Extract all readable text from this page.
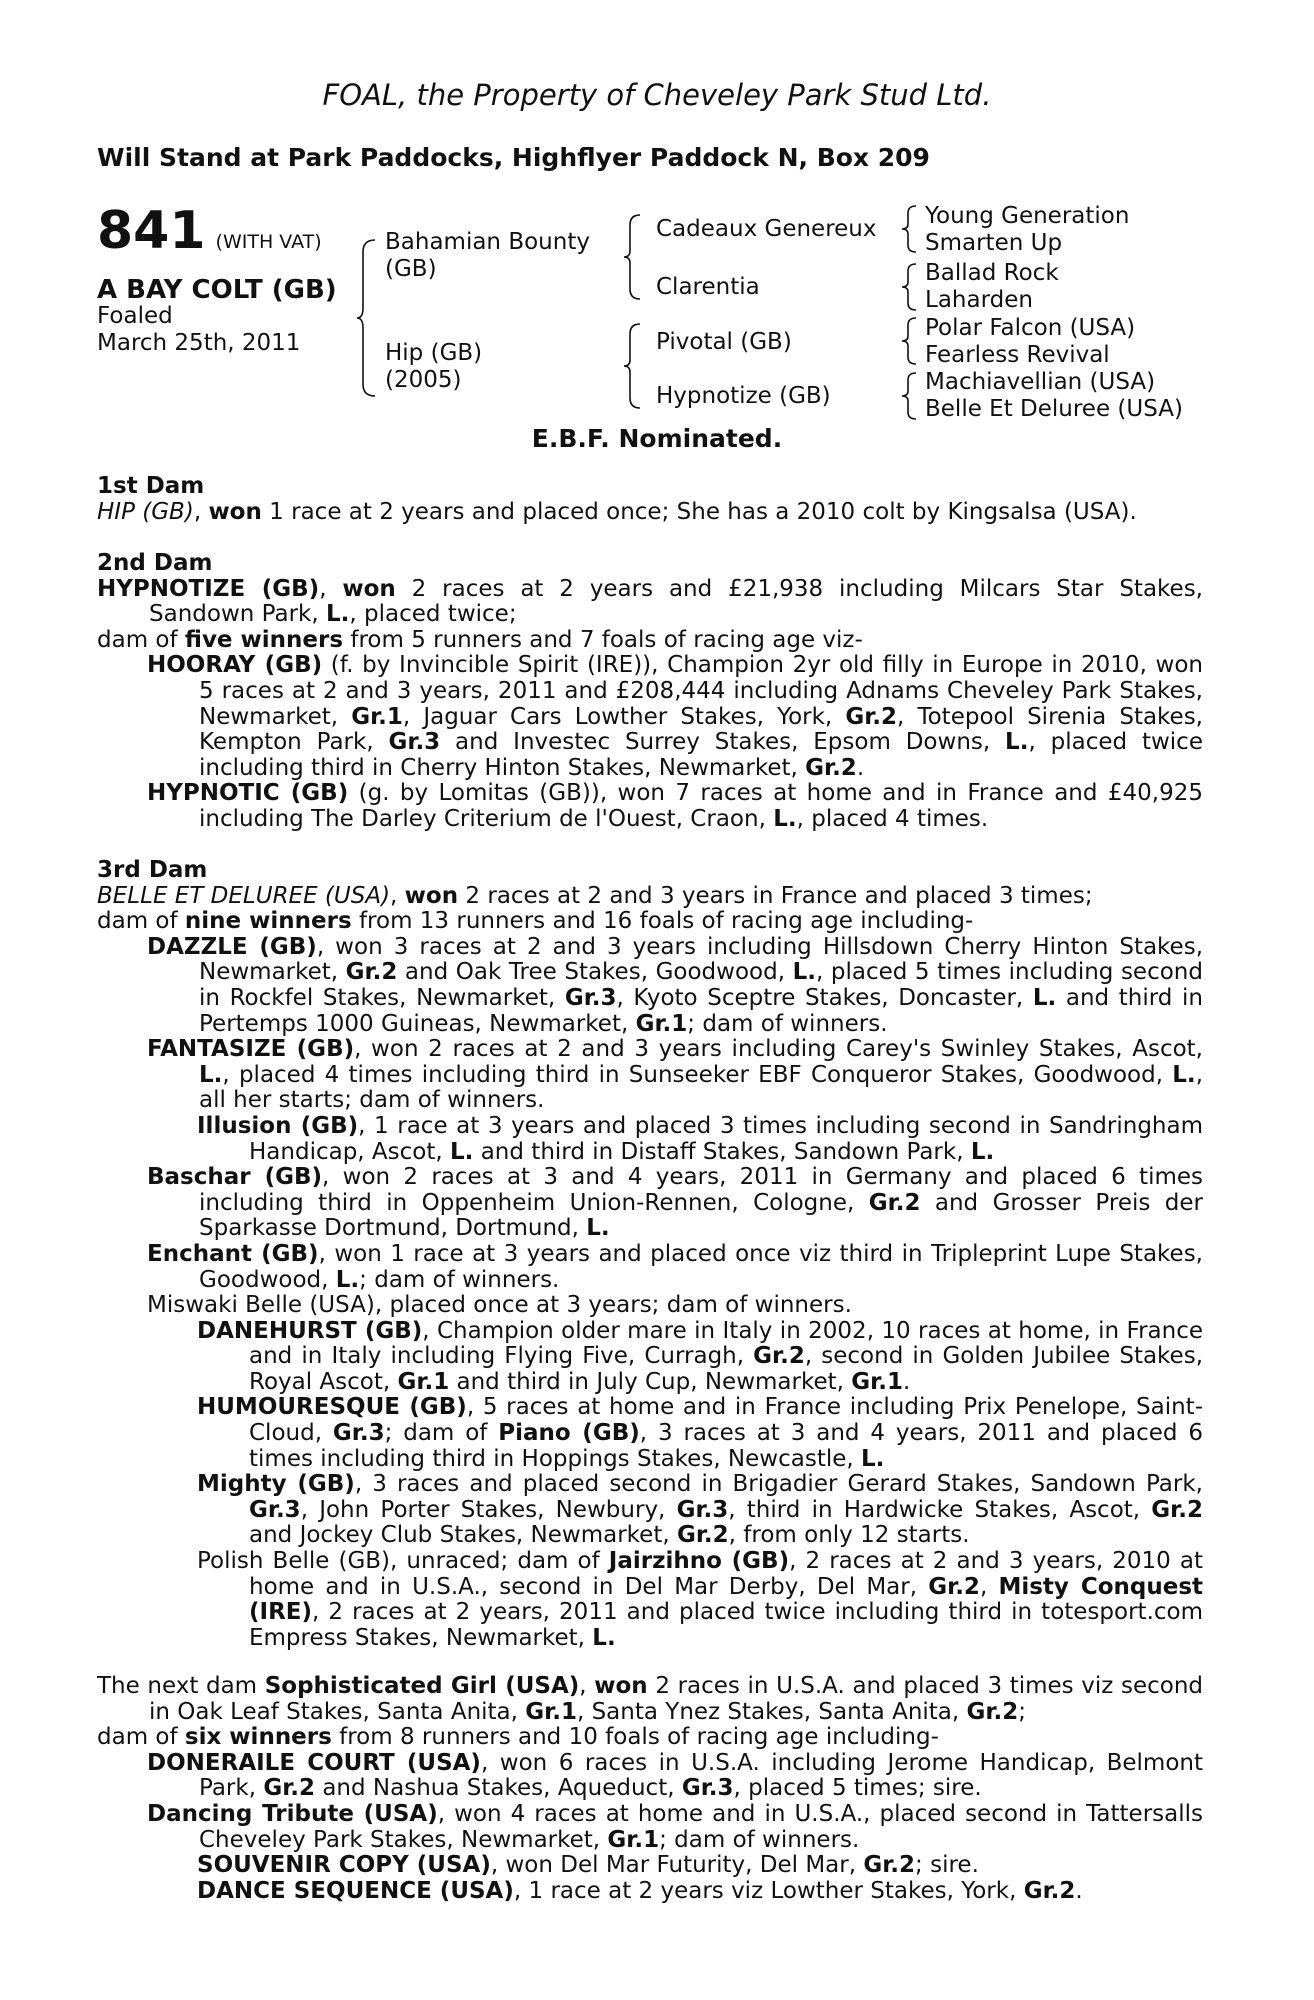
FOAL, the Property of Cheveley Park Stud Ltd.
Will Stand at Park Paddocks, Highflyer Paddock N, Box 209
841 (WITH VAT)
A BAY COLT (GB)
Foaled
March 25th, 2011
Bahamian Bounty
(GB)
Hip (GB)
(2005)
Cadeaux Genereux
Clarentia
Pivotal (GB)
Hypnotize (GB)
Young Generation
Smarten Up
Ballad Rock
Laharden
Polar Falcon (USA)
Fearless Revival
Machiavellian (USA)
Belle Et Deluree (USA)
E.B.F. Nominated.

1st Dam

HIP (GB), won 1 race at 2 years and placed once; She has a 2010 colt by Kingsalsa (USA).

2nd Dam

HYPNOTIZE (GB), won 2 races at 2 years and £21,938 including Milcars Star Stakes, Sandown Park, L., placed twice;

dam of five winners from 5 runners and 7 foals of racing age viz-

HOORAY (GB) (f. by Invincible Spirit (IRE)), Champion 2yr old filly in Europe in 2010, won 5 races at 2 and 3 years, 2011 and £208,444 including Adnams Cheveley Park Stakes, Newmarket, Gr.1, Jaguar Cars Lowther Stakes, York, Gr.2, Totepool Sirenia Stakes, Kempton Park, Gr.3 and Investec Surrey Stakes, Epsom Downs, L., placed twice including third in Cherry Hinton Stakes, Newmarket, Gr.2.

HYPNOTIC (GB) (g. by Lomitas (GB)), won 7 races at home and in France and £40,925 including The Darley Criterium de l'Ouest, Craon, L., placed 4 times.

3rd Dam

BELLE ET DELUREE (USA), won 2 races at 2 and 3 years in France and placed 3 times;

dam of nine winners from 13 runners and 16 foals of racing age including-

DAZZLE (GB), won 3 races at 2 and 3 years including Hillsdown Cherry Hinton Stakes, Newmarket, Gr.2 and Oak Tree Stakes, Goodwood, L., placed 5 times including second in Rockfel Stakes, Newmarket, Gr.3, Kyoto Sceptre Stakes, Doncaster, L. and third in Pertemps 1000 Guineas, Newmarket, Gr.1; dam of winners.

FANTASIZE (GB), won 2 races at 2 and 3 years including Carey's Swinley Stakes, Ascot, L., placed 4 times including third in Sunseeker EBF Conqueror Stakes, Goodwood, L., all her starts; dam of winners.

Illusion (GB), 1 race at 3 years and placed 3 times including second in Sandringham Handicap, Ascot, L. and third in Distaff Stakes, Sandown Park, L.

Baschar (GB), won 2 races at 3 and 4 years, 2011 in Germany and placed 6 times including third in Oppenheim Union-Rennen, Cologne, Gr.2 and Grosser Preis der Sparkasse Dortmund, Dortmund, L.

Enchant (GB), won 1 race at 3 years and placed once viz third in Tripleprint Lupe Stakes, Goodwood, L.; dam of winners.

Miswaki Belle (USA), placed once at 3 years; dam of winners.

DANEHURST (GB), Champion older mare in Italy in 2002, 10 races at home, in France and in Italy including Flying Five, Curragh, Gr.2, second in Golden Jubilee Stakes, Royal Ascot, Gr.1 and third in July Cup, Newmarket, Gr.1.

HUMOURESQUE (GB), 5 races at home and in France including Prix Penelope, Saint-Cloud, Gr.3; dam of Piano (GB), 3 races at 3 and 4 years, 2011 and placed 6 times including third in Hoppings Stakes, Newcastle, L.

Mighty (GB), 3 races and placed second in Brigadier Gerard Stakes, Sandown Park, Gr.3, John Porter Stakes, Newbury, Gr.3, third in Hardwicke Stakes, Ascot, Gr.2 and Jockey Club Stakes, Newmarket, Gr.2, from only 12 starts.

Polish Belle (GB), unraced; dam of Jairzihno (GB), 2 races at 2 and 3 years, 2010 at home and in U.S.A., second in Del Mar Derby, Del Mar, Gr.2, Misty Conquest (IRE), 2 races at 2 years, 2011 and placed twice including third in totesport.com Empress Stakes, Newmarket, L.

The next dam Sophisticated Girl (USA), won 2 races in U.S.A. and placed 3 times viz second in Oak Leaf Stakes, Santa Anita, Gr.1, Santa Ynez Stakes, Santa Anita, Gr.2;

dam of six winners from 8 runners and 10 foals of racing age including-

DONERAILE COURT (USA), won 6 races in U.S.A. including Jerome Handicap, Belmont Park, Gr.2 and Nashua Stakes, Aqueduct, Gr.3, placed 5 times; sire.

Dancing Tribute (USA), won 4 races at home and in U.S.A., placed second in Tattersalls Cheveley Park Stakes, Newmarket, Gr.1; dam of winners.

SOUVENIR COPY (USA), won Del Mar Futurity, Del Mar, Gr.2; sire.

DANCE SEQUENCE (USA), 1 race at 2 years viz Lowther Stakes, York, Gr.2.
